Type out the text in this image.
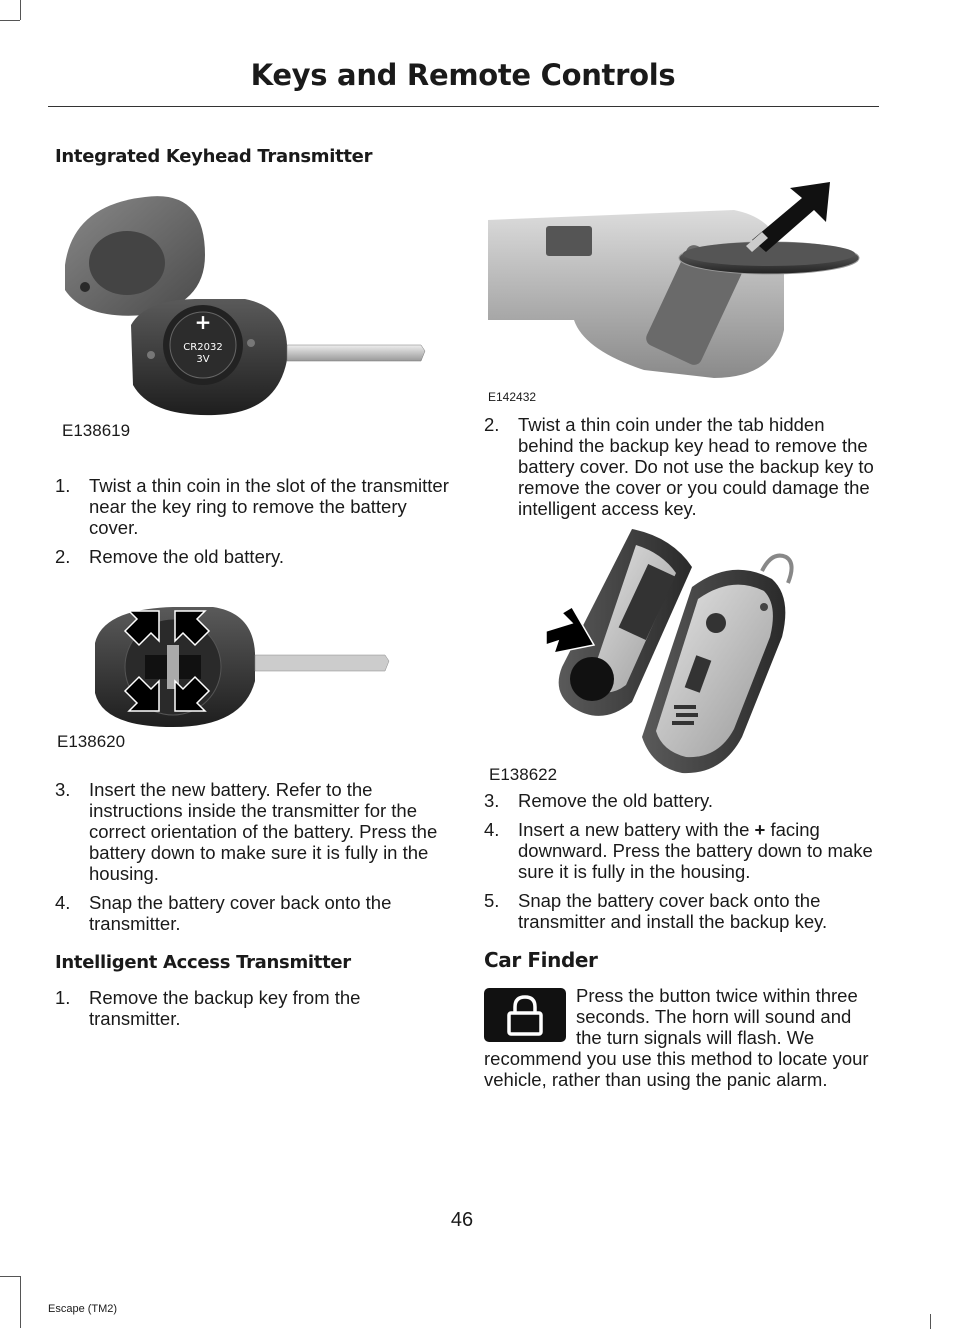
Keys and Remote Controls
Integrated Keyhead Transmitter
+
CR2032
3V
E138619
1. Twist a thin coin in the slot of the transmitter near the key ring to remove the battery cover.
2. Remove the old battery.
E138620
3. Insert the new battery. Refer to the instructions inside the transmitter for the correct orientation of the battery. Press the battery down to make sure it is fully in the housing.
4. Snap the battery cover back onto the transmitter.
Intelligent Access Transmitter
1. Remove the backup key from the transmitter.
E142432
2. Twist a thin coin under the tab hidden behind the backup key head to remove the battery cover. Do not use the backup key to remove the cover or you could damage the intelligent access key.
E138622
3. Remove the old battery.
4. Insert a new battery with the + facing downward. Press the battery down to make sure it is fully in the housing.
5. Snap the battery cover back onto the transmitter and install the backup key.
Car Finder
Press the button twice within three seconds. The horn will sound and the turn signals will flash. We recommend you use this method to locate your vehicle, rather than using the panic alarm.
46
Escape (TM2)
